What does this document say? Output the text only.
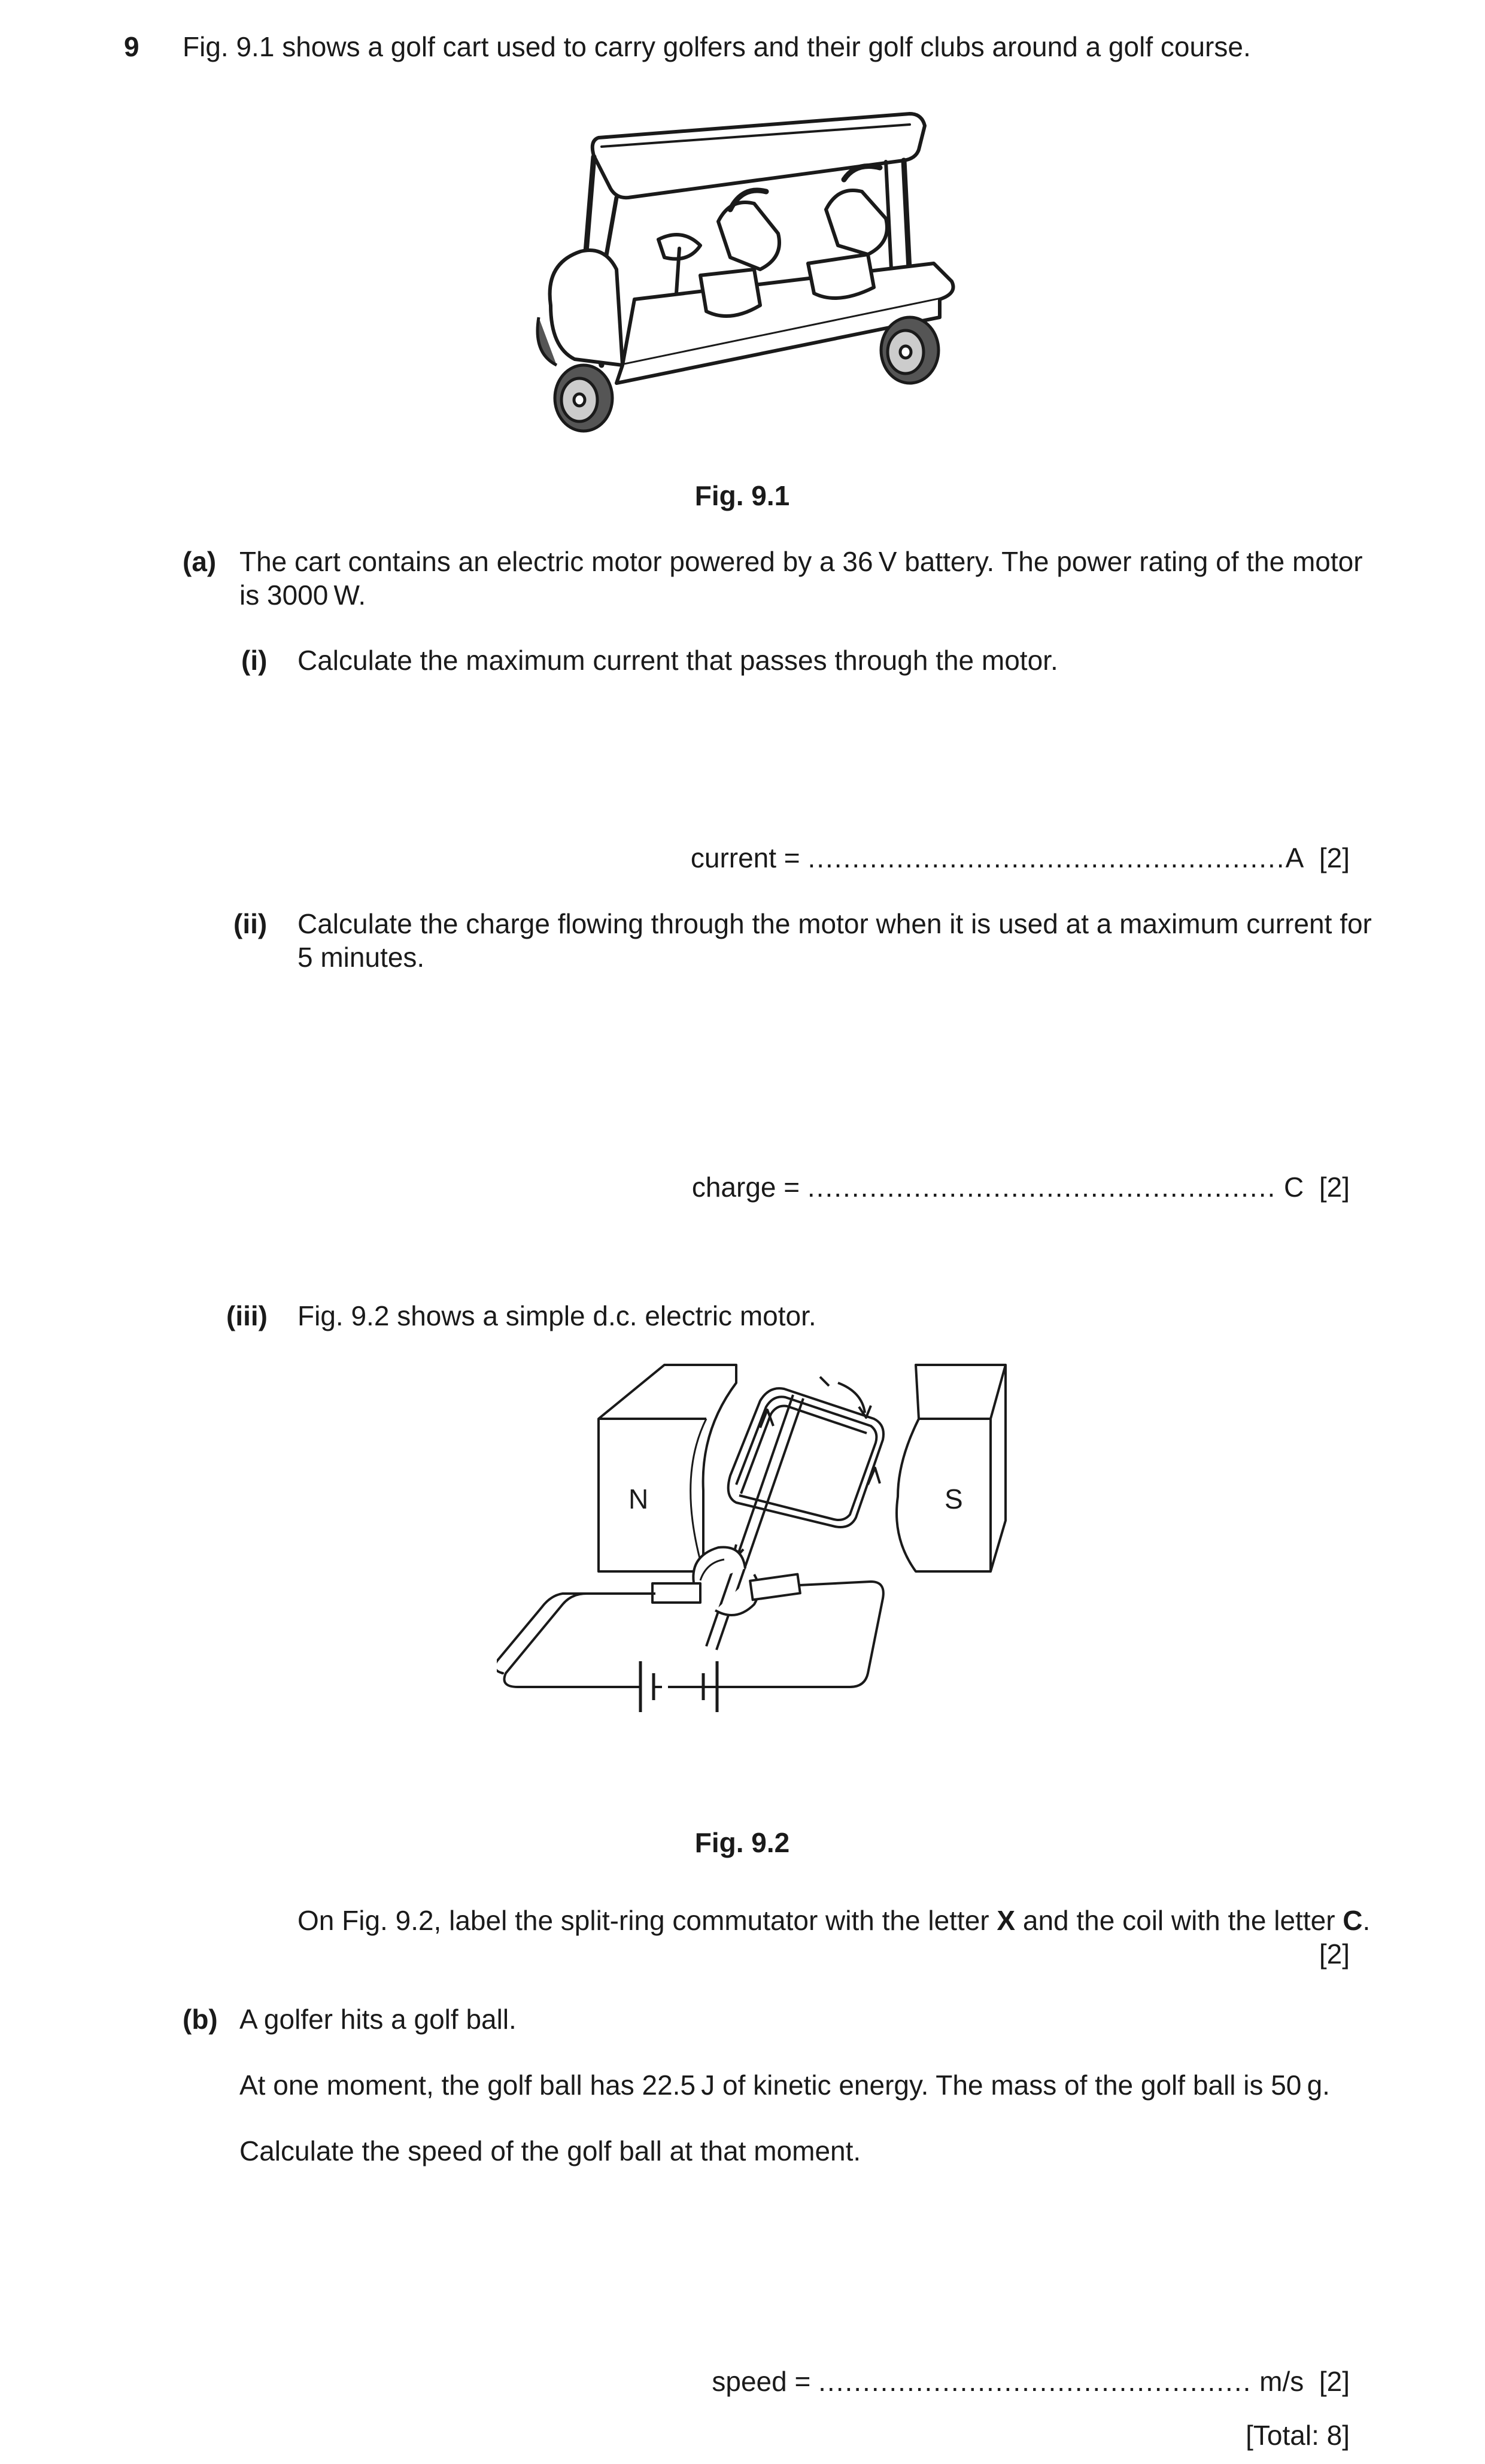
9 Fig. 9.1 shows a golf cart used to carry golfers and their golf clubs around a golf course.
Fig. 9.1
(a) The cart contains an electric motor powered by a 36 V battery. The power rating of the motor
is 3000 W.
(i) Calculate the maximum current that passes through the motor.
current = ......................................................A [2]
(ii) Calculate the charge flowing through the motor when it is used at a maximum current for
5 minutes.
charge = ..................................................... C [2]
(iii) Fig. 9.2 shows a simple d.c. electric motor.
N	S
Fig. 9.2
On Fig. 9.2, label the split-ring commutator with the letter X and the coil with the letter C.
[2]
(b) A golfer hits a golf ball.
At one moment, the golf ball has 22.5 J of kinetic energy. The mass of the golf ball is 50 g.
Calculate the speed of the golf ball at that moment.
speed = ................................................. m/s [2]
[Total: 8]
